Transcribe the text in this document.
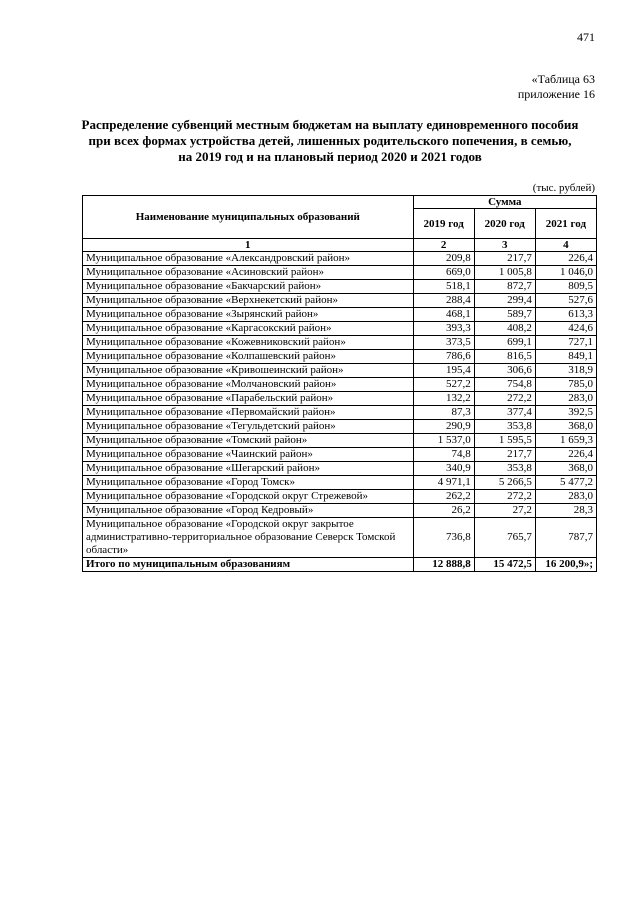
471
«Таблица 63
приложение 16
Распределение субвенций местным бюджетам на выплату единовременного пособия при всех формах устройства детей, лишенных родительского попечения, в семью, на 2019 год и на плановый период 2020 и 2021 годов
(тыс. рублей)
Наименование муниципальных образований	Сумма		
	2019 год	2020 год	2021 год
1	2	3	4
Муниципальное образование «Александровский район»	209,8	217,7	226,4
Муниципальное образование «Асиновский район»	669,0	1 005,8	1 046,0
Муниципальное образование «Бакчарский район»	518,1	872,7	809,5
Муниципальное образование «Верхнекетский район»	288,4	299,4	527,6
Муниципальное образование «Зырянский район»	468,1	589,7	613,3
Муниципальное образование «Каргасокский район»	393,3	408,2	424,6
Муниципальное образование «Кожевниковский район»	373,5	699,1	727,1
Муниципальное образование «Колпашевский район»	786,6	816,5	849,1
Муниципальное образование «Кривошеинский район»	195,4	306,6	318,9
Муниципальное образование «Молчановский район»	527,2	754,8	785,0
Муниципальное образование «Парабельский район»	132,2	272,2	283,0
Муниципальное образование «Первомайский район»	87,3	377,4	392,5
Муниципальное образование «Тегульдетский район»	290,9	353,8	368,0
Муниципальное образование «Томский район»	1 537,0	1 595,5	1 659,3
Муниципальное образование «Чаинский район»	74,8	217,7	226,4
Муниципальное образование «Шегарский район»	340,9	353,8	368,0
Муниципальное образование «Город Томск»	4 971,1	5 266,5	5 477,2
Муниципальное образование «Городской округ Стрежевой»	262,2	272,2	283,0
Муниципальное образование «Город Кедровый»	26,2	27,2	28,3
Муниципальное образование «Городской округ закрытое административно-территориальное образование Северск Томской области»	736,8	765,7	787,7
Итого по муниципальным образованиям	12 888,8	15 472,5	16 200,9»;
